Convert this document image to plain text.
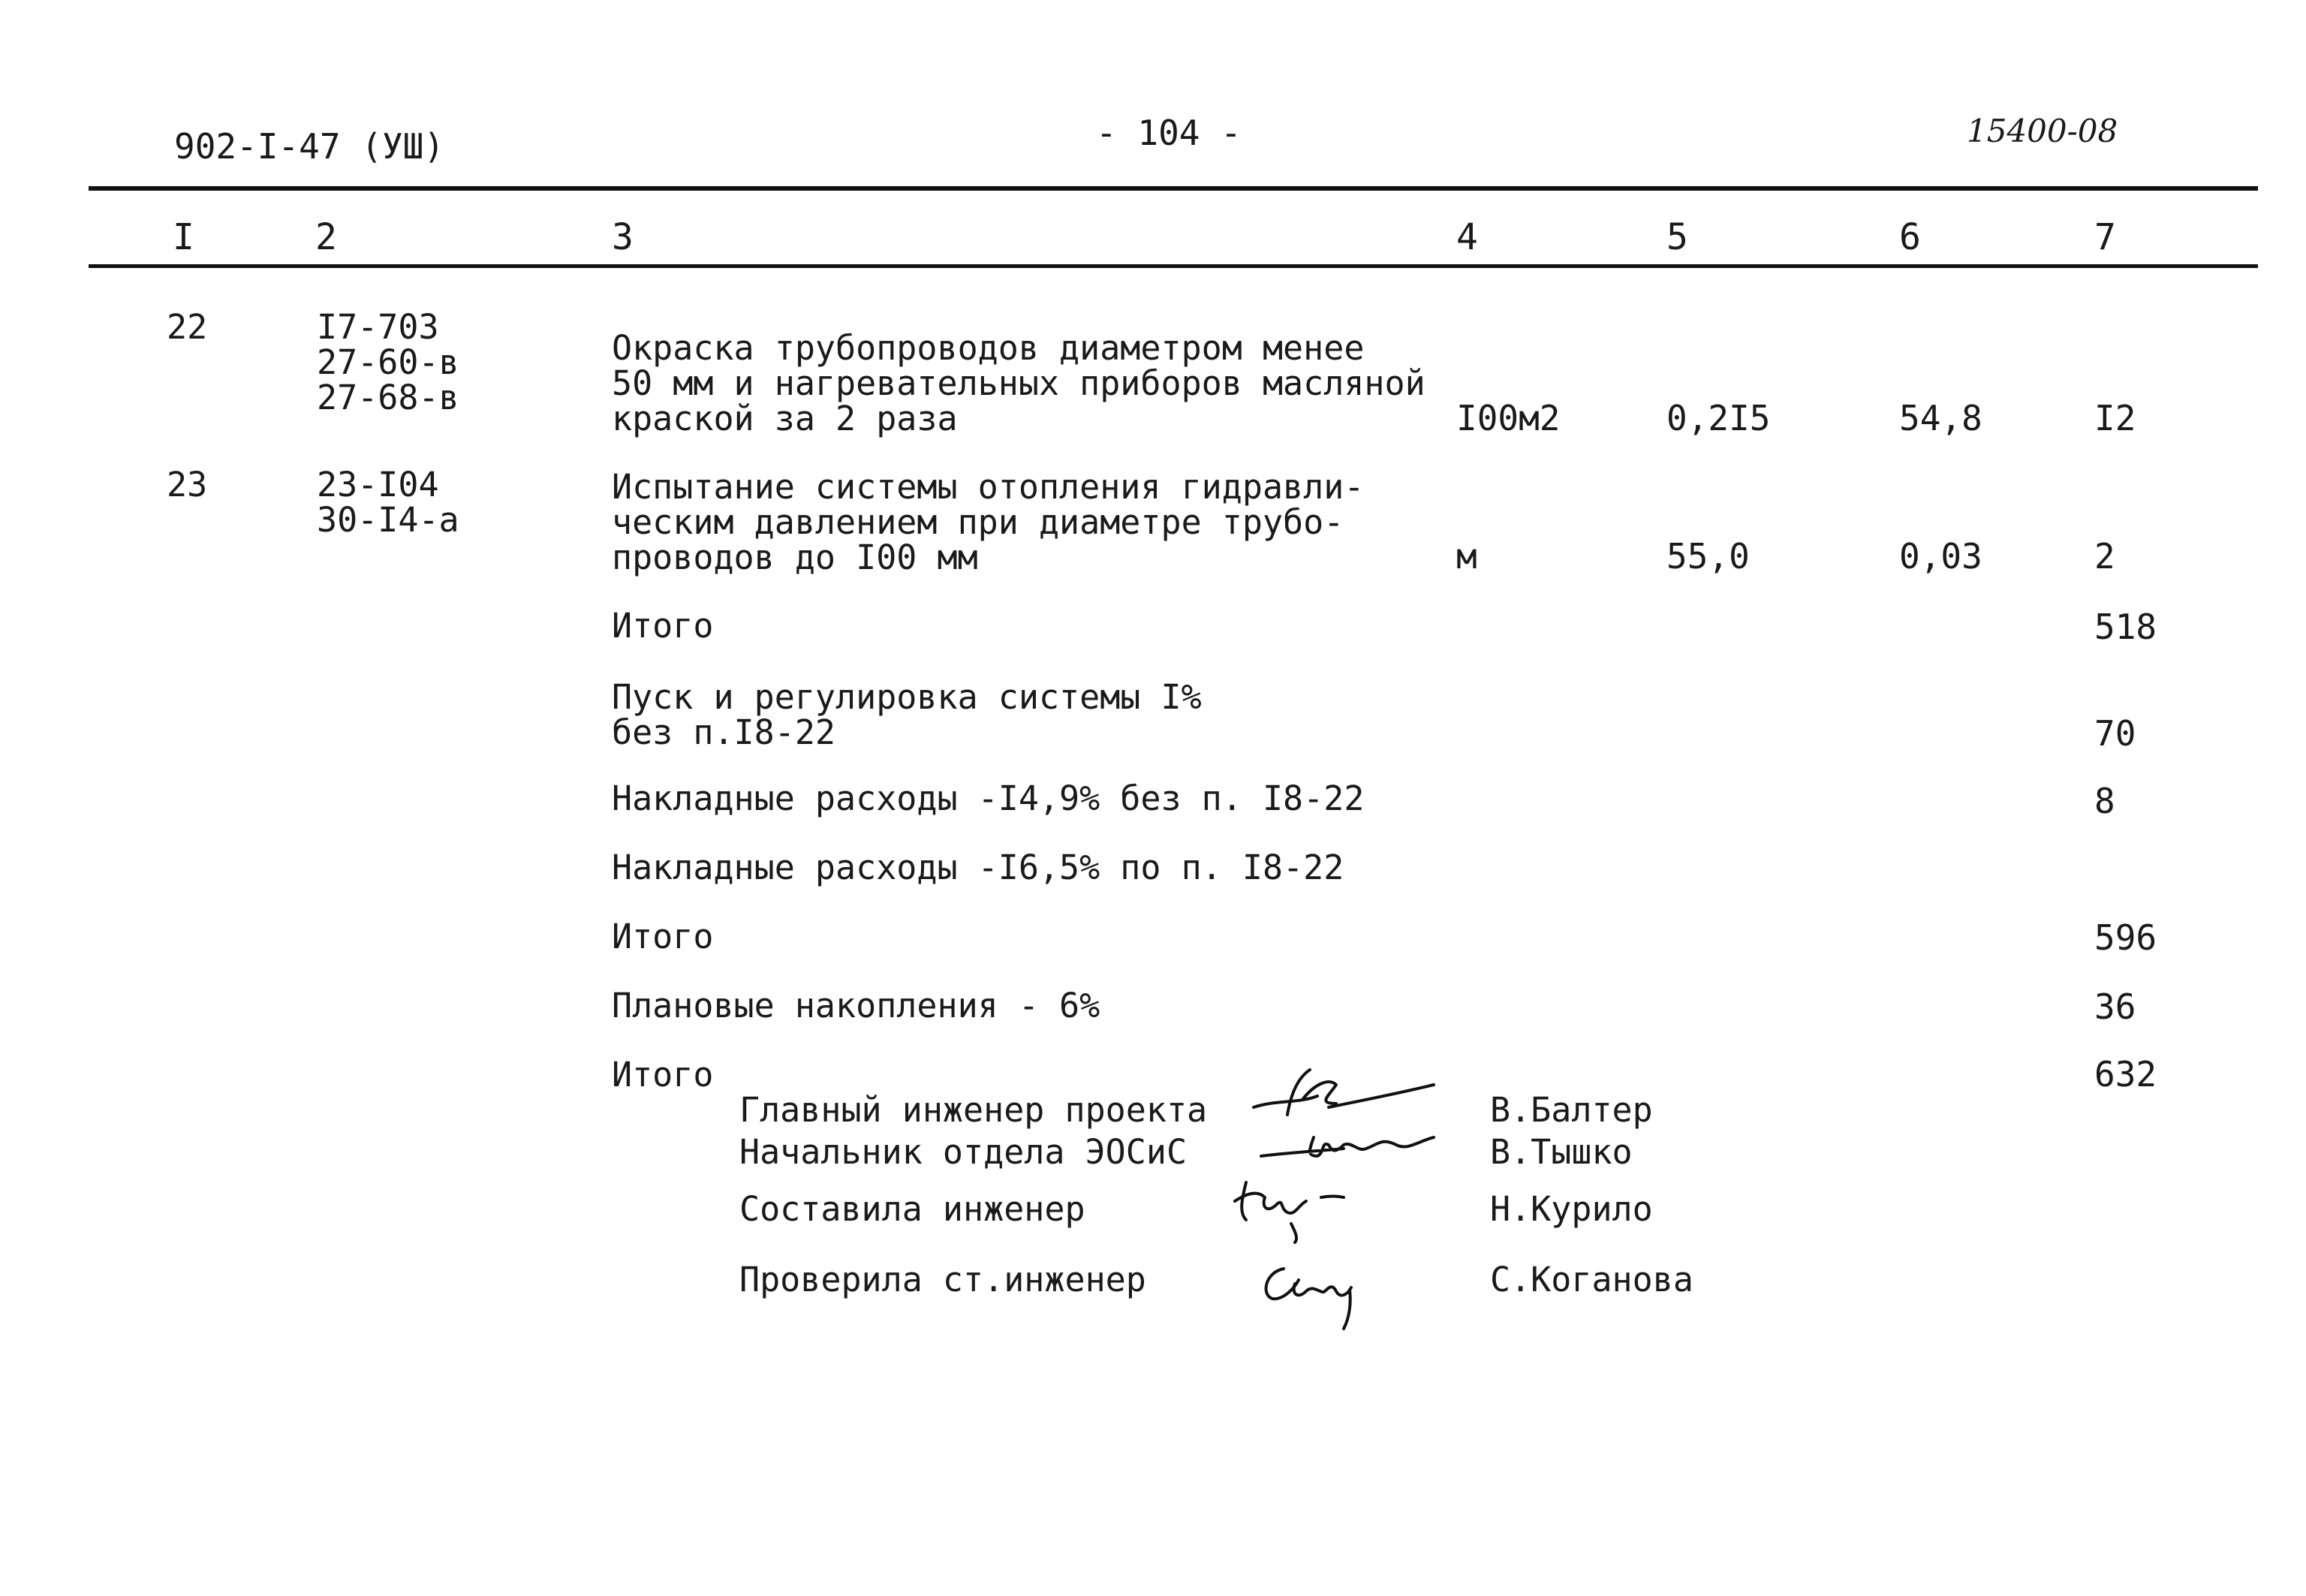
902-I-47 (УШ)	- 104 -	15400-08
I	2	3	4	5	6	7
22	I7-703
27-60-в
27-68-в
Окраска трубопроводов диаметром менее
50 мм и нагревательных приборов масляной
краской за 2 раза	I00м2	0,2I5	54,8	I2
23	23-I04
30-I4-а
Испытание системы отопления гидравли-
ческим давлением при диаметре трубо-
проводов до I00 мм	м	55,0	0,03	2
Итого	518
Пуск и регулировка системы I%
без п.I8-22	70
Накладные расходы -I4,9% без п. I8-22	8
Накладные расходы -I6,5% по п. I8-22
Итого	596
Плановые накопления - 6%	36
Итого	632
Главный инженер проекта	В.Балтер
Начальник отдела ЭОСиС	В.Тышко
Составила инженер	Н.Курило
Проверила ст.инженер	С.Коганова
